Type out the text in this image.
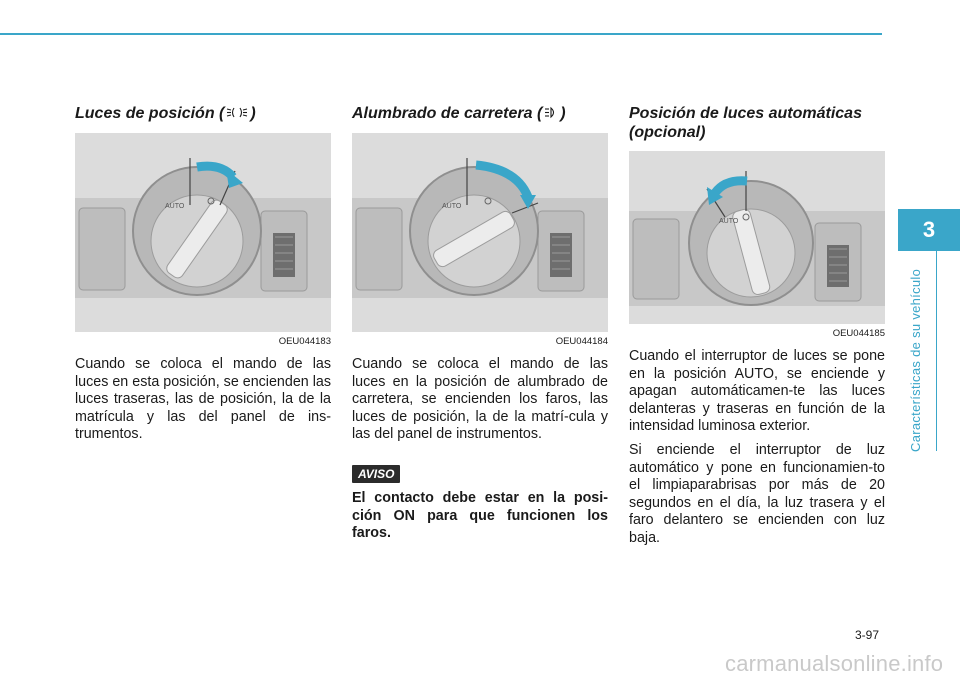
Luces de posición ( )
AUTO
OEU044183

Cuando se coloca el mando de las luces en esta posición, se encienden las luces traseras, las de posición, la de la matrícula y las del panel de ins-trumentos.

Alumbrado de carretera ( )
AUTO
OEU044184

Cuando se coloca el mando de las luces en la posición de alumbrado de carretera, se encienden los faros, las luces de posición, la de la matrí-cula y las del panel de instrumentos.

AVISO

El contacto debe estar en la posi-ción ON para que funcionen los faros.

Posición de luces automáticas
(opcional)
AUTO
OEU044185

Cuando el interruptor de luces se pone en la posición AUTO, se enciende y apagan automáticamen-te las luces delanteras y traseras en función de la intensidad luminosa exterior.

Si enciende el interruptor de luz automático y pone en funcionamien-to el limpiaparabrisas por más de 20 segundos en el día, la luz trasera y el faro delantero se encienden con luz baja.

3
Características de su vehículo
3-97
carmanualsonline.info
